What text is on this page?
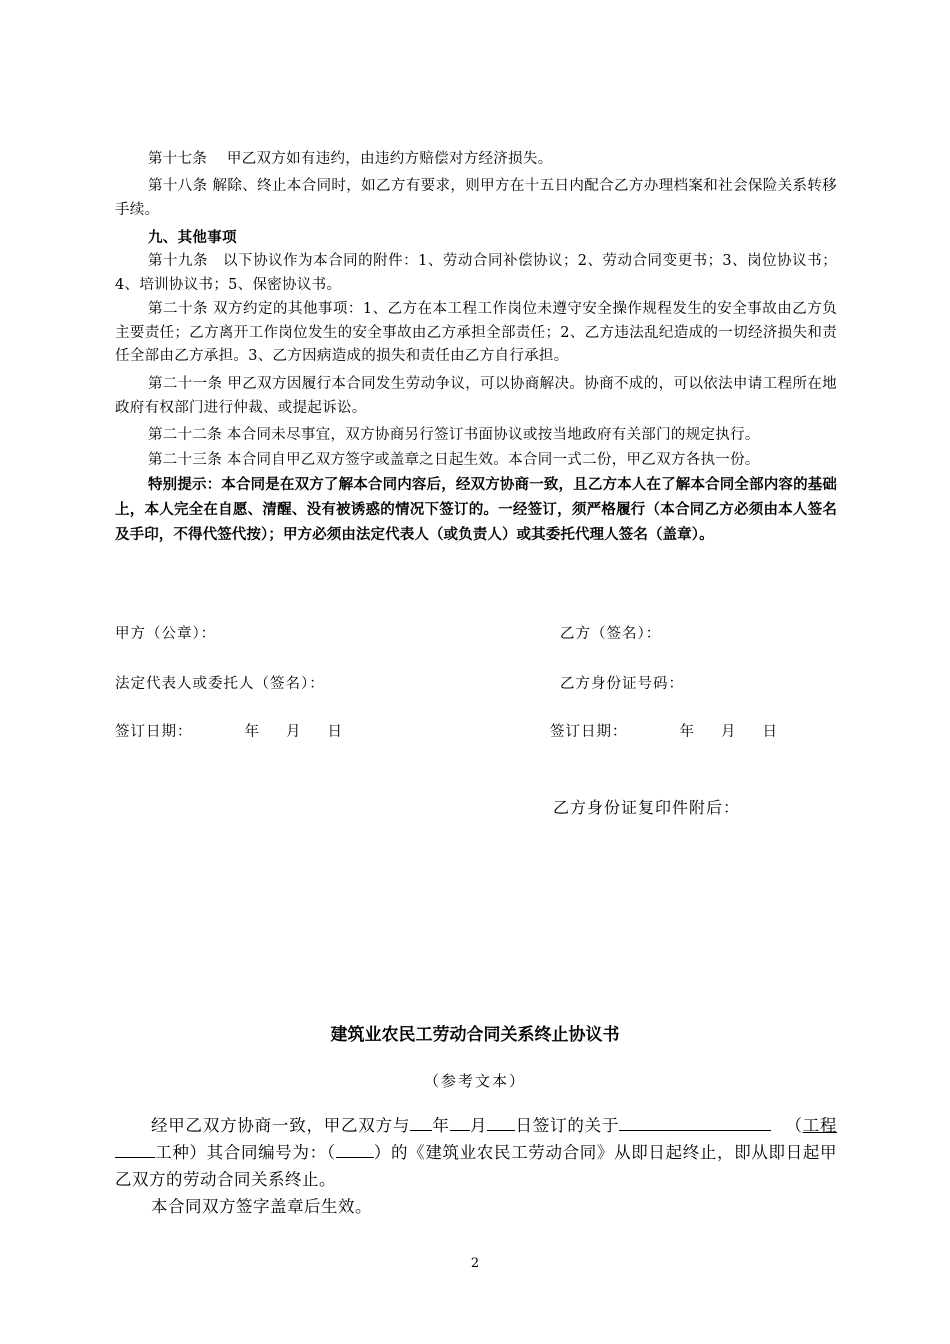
第十七条　 甲乙双方如有违约，由违约方赔偿对方经济损失。
第十八条 解除、终止本合同时，如乙方有要求，则甲方在十五日内配合乙方办理档案和社会保险关系转移手续。
九、其他事项
第十九条　以下协议作为本合同的附件：1、劳动合同补偿协议；2、劳动合同变更书；3、岗位协议书；4、培训协议书；5、保密协议书。
第二十条 双方约定的其他事项：1、乙方在本工程工作岗位未遵守安全操作规程发生的安全事故由乙方负主要责任；乙方离开工作岗位发生的安全事故由乙方承担全部责任；2、乙方违法乱纪造成的一切经济损失和责任全部由乙方承担。3、乙方因病造成的损失和责任由乙方自行承担。
第二十一条 甲乙双方因履行本合同发生劳动争议，可以协商解决。协商不成的，可以依法申请工程所在地政府有权部门进行仲裁、或提起诉讼。
第二十二条 本合同未尽事宜，双方协商另行签订书面协议或按当地政府有关部门的规定执行。
第二十三条 本合同自甲乙双方签字或盖章之日起生效。本合同一式二份，甲乙双方各执一份。
特别提示：本合同是在双方了解本合同内容后，经双方协商一致，且乙方本人在了解本合同全部内容的基础上，本人完全在自愿、清醒、没有被诱惑的情况下签订的。一经签订，须严格履行（本合同乙方必须由本人签名及手印，不得代签代按）；甲方必须由法定代表人（或负责人）或其委托代理人签名（盖章）。
甲方（公章）：	乙方（签名）：
法定代表人或委托人（签名）：	乙方身份证号码：
签订日期：	年 月 日	签订日期：	年 月 日
乙方身份证复印件附后：
建筑业农民工劳动合同关系终止协议书
（参考文本）
经甲乙双方协商一致，甲乙双方与 年 月 日签订的关于	（工程工种）其合同编号为：（ ）的《建筑业农民工劳动合同》从即日起终止，即从即日起甲乙双方的劳动合同关系终止。
本合同双方签字盖章后生效。
2
